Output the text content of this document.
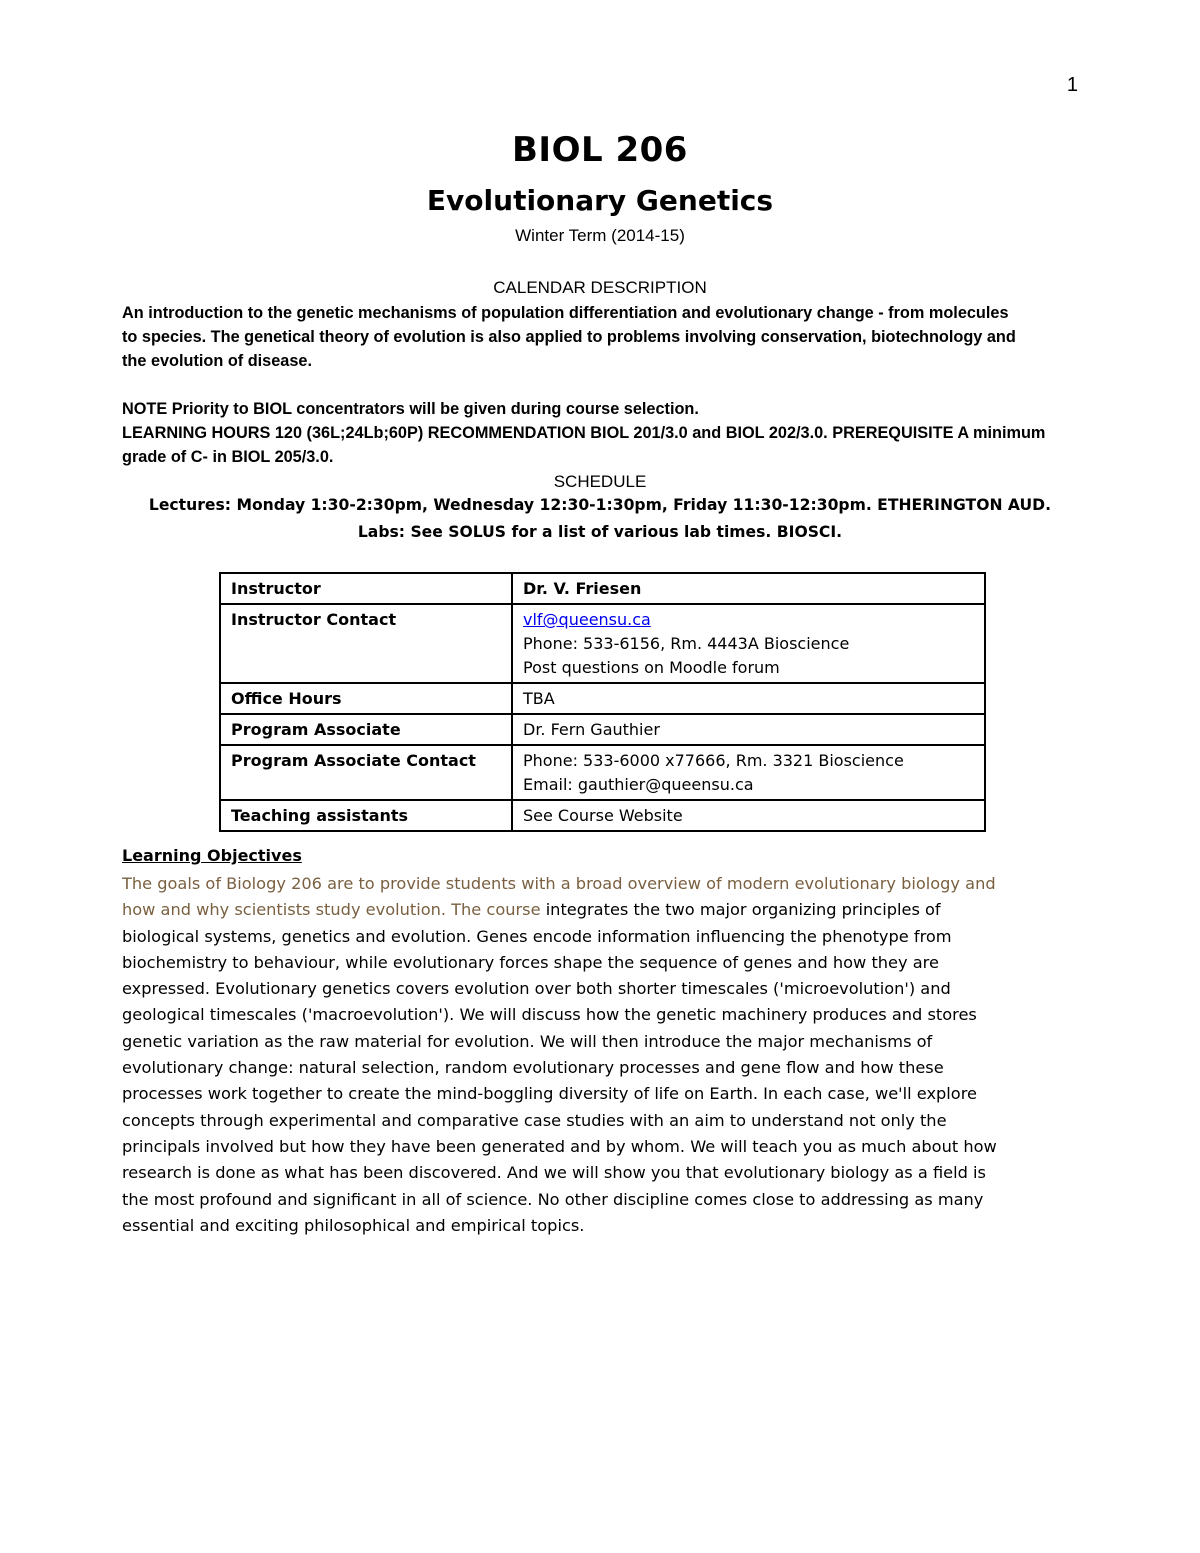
1
BIOL 206
Evolutionary Genetics
Winter Term (2014-15)
CALENDAR DESCRIPTION
An introduction to the genetic mechanisms of population differentiation and evolutionary change - from molecules
to species. The genetical theory of evolution is also applied to problems involving conservation, biotechnology and
the evolution of disease.
NOTE Priority to BIOL concentrators will be given during course selection.
LEARNING HOURS 120 (36L;24Lb;60P) RECOMMENDATION BIOL 201/3.0 and BIOL 202/3.0. PREREQUISITE A minimum
grade of C- in BIOL 205/3.0.
SCHEDULE
Lectures: Monday 1:30-2:30pm, Wednesday 12:30-1:30pm, Friday 11:30-12:30pm. ETHERINGTON AUD.
Labs: See SOLUS for a list of various lab times. BIOSCI.
Instructor	Dr. V. Friesen
Instructor Contact	vlf@queensu.ca
Phone: 533-6156, Rm. 4443A Bioscience
Post questions on Moodle forum

Office Hours	TBA
Program Associate	Dr. Fern Gauthier
Program Associate Contact	Phone: 533-6000 x77666, Rm. 3321 Bioscience
Email: gauthier@queensu.ca

Teaching assistants	See Course Website
Learning Objectives
The goals of Biology 206 are to provide students with a broad overview of modern evolutionary biology and
how and why scientists study evolution. The course integrates the two major organizing principles of
biological systems, genetics and evolution. Genes encode information influencing the phenotype from
biochemistry to behaviour, while evolutionary forces shape the sequence of genes and how they are
expressed. Evolutionary genetics covers evolution over both shorter timescales ('microevolution') and
geological timescales ('macroevolution'). We will discuss how the genetic machinery produces and stores
genetic variation as the raw material for evolution. We will then introduce the major mechanisms of
evolutionary change: natural selection, random evolutionary processes and gene flow and how these
processes work together to create the mind-boggling diversity of life on Earth. In each case, we'll explore
concepts through experimental and comparative case studies with an aim to understand not only the
principals involved but how they have been generated and by whom. We will teach you as much about how
research is done as what has been discovered. And we will show you that evolutionary biology as a field is
the most profound and significant in all of science. No other discipline comes close to addressing as many
essential and exciting philosophical and empirical topics.
